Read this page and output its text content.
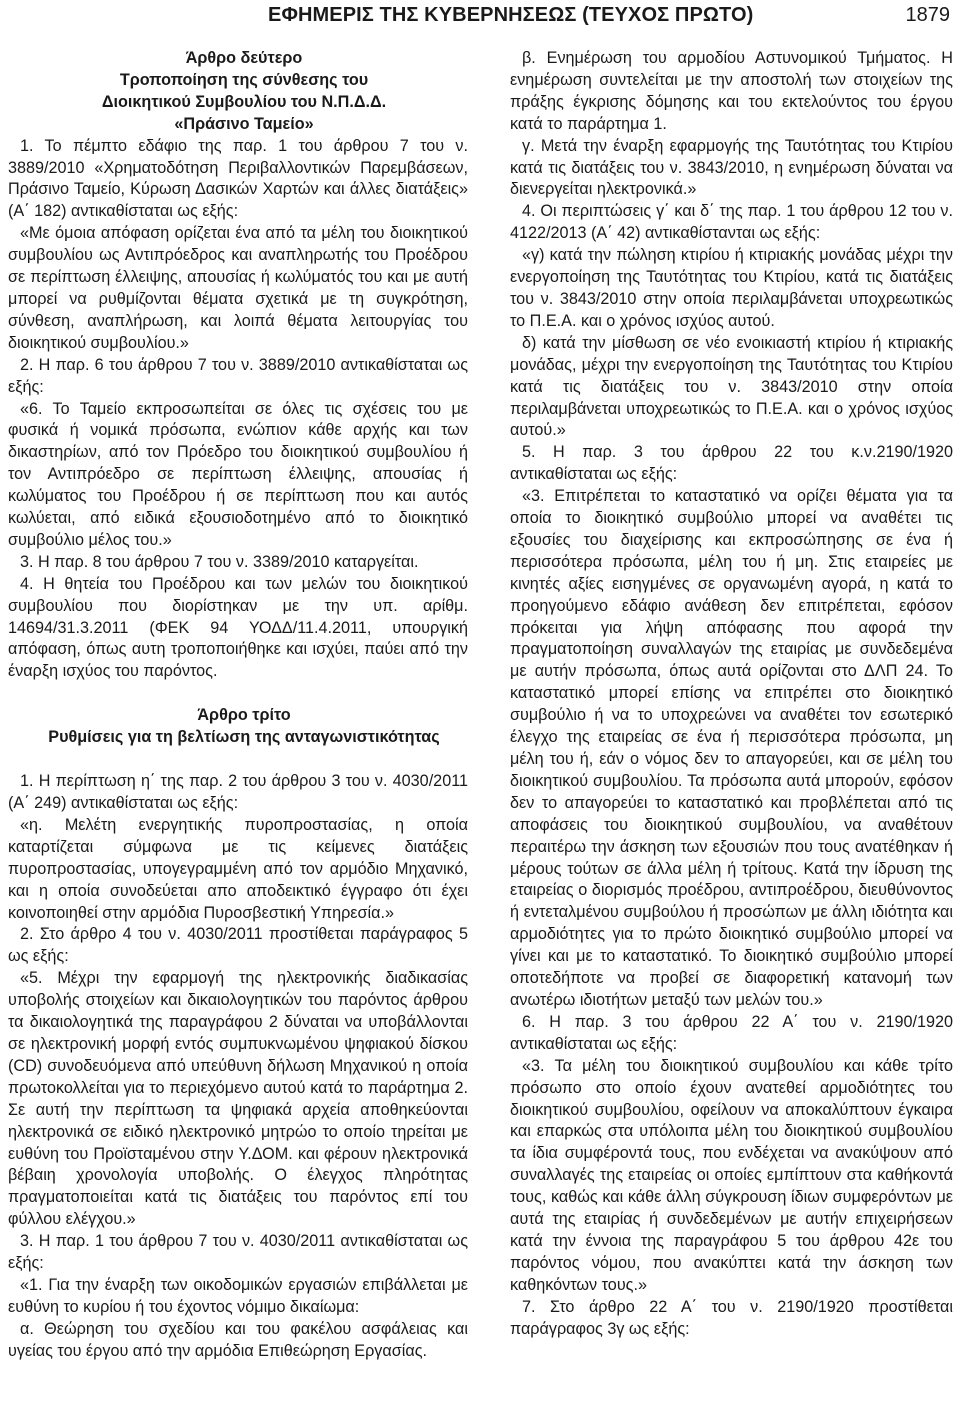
ΕΦΗΜΕΡΙΣ ΤΗΣ ΚΥΒΕΡΝΗΣΕΩΣ (ΤΕΥΧΟΣ ΠΡΩΤΟ)	1879

Άρθρο δεύτερο

Τροποποίηση της σύνθεσης του

Διοικητικού Συμβουλίου του Ν.Π.Δ.Δ.

«Πράσινο Ταμείο»

1. Το πέμπτο εδάφιο της παρ. 1 του άρθρου 7 του ν. 3889/2010 «Χρηματοδότηση Περιβαλλοντικών Παρεμβάσεων, Πράσινο Ταμείο, Κύρωση Δασικών Χαρτών και άλλες διατάξεις» (Α΄ 182) αντικαθίσταται ως εξής:

«Με όμοια απόφαση ορίζεται ένα από τα μέλη του διοικητικού συμβουλίου ως Αντιπρόεδρος και αναπληρωτής του Προέδρου σε περίπτωση έλλειψης, απουσίας ή κωλύματός του και με αυτή μπορεί να ρυθμίζονται θέματα σχετικά με τη συγκρότηση, σύνθεση, αναπλήρωση, και λοιπά θέματα λειτουργίας του διοικητικού συμβουλίου.»

2. Η παρ. 6 του άρθρου 7 του ν. 3889/2010 αντικαθίσταται ως εξής:

«6. Το Ταμείο εκπροσωπείται σε όλες τις σχέσεις του με φυσικά ή νομικά πρόσωπα, ενώπιον κάθε αρχής και των δικαστηρίων, από τον Πρόεδρο του διοικητικού συμβουλίου ή τον Αντιπρόεδρο σε περίπτωση έλλειψης, απουσίας ή κωλύματος του Προέδρου ή σε περίπτωση που και αυτός κωλύεται, από ειδικά εξουσιοδοτημένο από το διοικητικό συμβούλιο μέλος του.»

3. Η παρ. 8 του άρθρου 7 του ν. 3389/2010 καταργείται.

4. Η θητεία του Προέδρου και των μελών του διοικητικού συμβουλίου που διορίστηκαν με την υπ. αρίθμ. 14694/31.3.2011 (ΦΕΚ 94 ΥΟΔΔ/11.4.2011, υπουργική απόφαση, όπως αυτη τροποποιήθηκε και ισχύει, παύει από την έναρξη ισχύος του παρόντος.

Άρθρο τρίτο

Ρυθμίσεις για τη βελτίωση της ανταγωνιστικότητας

1. Η περίπτωση η΄ της παρ. 2 του άρθρου 3 του ν. 4030/2011 (Α΄ 249) αντικαθίσταται ως εξής:

«η. Μελέτη ενεργητικής πυροπροστασίας, η οποία καταρτίζεται σύμφωνα με τις κείμενες διατάξεις πυροπροστασίας, υπογεγραμμένη από τον αρμόδιο Μηχανικό, και η οποία συνοδεύεται απο αποδεικτικό έγγραφο ότι έχει κοινοποιηθεί στην αρμόδια Πυροσβεστική Υπηρεσία.»

2. Στο άρθρο 4 του ν. 4030/2011 προστίθεται παράγραφος 5 ως εξής:

«5. Μέχρι την εφαρμογή της ηλεκτρονικής διαδικασίας υποβολής στοιχείων και δικαιολογητικών του παρόντος άρθρου τα δικαιολογητικά της παραγράφου 2 δύναται να υποβάλλονται σε ηλεκτρονική μορφή εντός συμπυκνωμένου ψηφιακού δίσκου (CD) συνοδευόμενα από υπεύθυνη δήλωση Μηχανικού η οποία πρωτοκολλείται για το περιεχόμενο αυτού κατά το παράρτημα 2. Σε αυτή την περίπτωση τα ψηφιακά αρχεία αποθηκεύονται ηλεκτρονικά σε ειδικό ηλεκτρονικό μητρώο το οποίο τηρείται με ευθύνη του Προϊσταμένου στην Υ.ΔΟΜ. και φέρουν ηλεκτρονικά βέβαιη χρονολογία υποβολής. Ο έλεγχος πληρότητας πραγματοποιείται κατά τις διατάξεις του παρόντος επί του φύλλου ελέγχου.»

3. Η παρ. 1 του άρθρου 7 του ν. 4030/2011 αντικαθίσταται ως εξής:

«1. Για την έναρξη των οικοδομικών εργασιών επιβάλλεται με ευθύνη το κυρίου ή του έχοντος νόμιμο δικαίωμα:

α. Θεώρηση του σχεδίου και του φακέλου ασφάλειας και υγείας του έργου από την αρμόδια Επιθεώρηση Εργασίας.

β. Ενημέρωση του αρμοδίου Αστυνομικού Τμήματος. Η ενημέρωση συντελείται με την αποστολή των στοιχείων της πράξης έγκρισης δόμησης και του εκτελούντος του έργου κατά το παράρτημα 1.

γ. Μετά την έναρξη εφαρμογής της Ταυτότητας του Κτιρίου κατά τις διατάξεις του ν. 3843/2010, η ενημέρωση δύναται να διενεργείται ηλεκτρονικά.»

4. Οι περιπτώσεις γ΄ και δ΄ της παρ. 1 του άρθρου 12 του ν. 4122/2013 (Α΄ 42) αντικαθίστανται ως εξής:

«γ) κατά την πώληση κτιρίου ή κτιριακής μονάδας μέχρι την ενεργοποίηση της Ταυτότητας του Κτιρίου, κατά τις διατάξεις του ν. 3843/2010 στην οποία περιλαμβάνεται υποχρεωτικώς το Π.Ε.Α. και ο χρόνος ισχύος αυτού.

δ) κατά την μίσθωση σε νέο ενοικιαστή κτιρίου ή κτιριακής μονάδας, μέχρι την ενεργοποίηση της Ταυτότητας του Κτιρίου κατά τις διατάξεις του ν. 3843/2010 στην οποία περιλαμβάνεται υποχρεωτικώς το Π.Ε.Α. και ο χρόνος ισχύος αυτού.»

5. Η παρ. 3 του άρθρου 22 του κ.ν.2190/1920 αντικαθίσταται ως εξής:

«3. Επιτρέπεται το καταστατικό να ορίζει θέματα για τα οποία το διοικητικό συμβούλιο μπορεί να αναθέτει τις εξουσίες του διαχείρισης και εκπροσώπησης σε ένα ή περισσότερα πρόσωπα, μέλη του ή μη. Στις εταιρείες με κινητές αξίες εισηγμένες σε οργανωμένη αγορά, η κατά το προηγούμενο εδάφιο ανάθεση δεν επιτρέπεται, εφόσον πρόκειται για λήψη απόφασης που αφορά την πραγματοποίηση συναλλαγών της εταιρίας με συνδεδεμένα με αυτήν πρόσωπα, όπως αυτά ορίζονται στο ΔΛΠ 24. Το καταστατικό μπορεί επίσης να επιτρέπει στο διοικητικό συμβούλιο ή να το υποχρεώνει να αναθέτει τον εσωτερικό έλεγχο της εταιρείας σε ένα ή περισσότερα πρόσωπα, μη μέλη του ή, εάν ο νόμος δεν το απαγορεύει, και σε μέλη του διοικητικού συμβουλίου. Τα πρόσωπα αυτά μπορούν, εφόσον δεν το απαγορεύει το καταστατικό και προβλέπεται από τις αποφάσεις του διοικητικού συμβουλίου, να αναθέτουν περαιτέρω την άσκηση των εξουσιών που τους ανατέθηκαν ή μέρους τούτων σε άλλα μέλη ή τρίτους. Κατά την ίδρυση της εταιρείας ο διορισμός προέδρου, αντιπροέδρου, διευθύνοντος ή εντεταλμένου συμβούλου ή προσώπων με άλλη ιδιότητα και αρμοδιότητες για το πρώτο διοικητικό συμβούλιο μπορεί να γίνει και με το καταστατικό. Το διοικητικό συμβούλιο μπορεί οποτεδήποτε να προβεί σε διαφορετική κατανομή των ανωτέρω ιδιοτήτων μεταξύ των μελών του.»

6. Η παρ. 3 του άρθρου 22 Α΄ του ν. 2190/1920 αντικαθίσταται ως εξής:

«3. Τα μέλη του διοικητικού συμβουλίου και κάθε τρίτο πρόσωπο στο οποίο έχουν ανατεθεί αρμοδιότητες του διοικητικού συμβουλίου, οφείλουν να αποκαλύπτουν έγκαιρα και επαρκώς στα υπόλοιπα μέλη του διοικητικού συμβουλίου τα ίδια συμφέροντά τους, που ενδέχεται να ανακύψουν από συναλλαγές της εταιρείας οι οποίες εμπίπτουν στα καθήκοντά τους, καθώς και κάθε άλλη σύγκρουση ίδιων συμφερόντων με αυτά της εταιρίας ή συνδεδεμένων με αυτήν επιχειρήσεων κατά την έννοια της παραγράφου 5 του άρθρου 42ε του παρόντος νόμου, που ανακύπτει κατά την άσκηση των καθηκόντων τους.»

7. Στο άρθρο 22 Α΄ του ν. 2190/1920 προστίθεται παράγραφος 3γ ως εξής:
